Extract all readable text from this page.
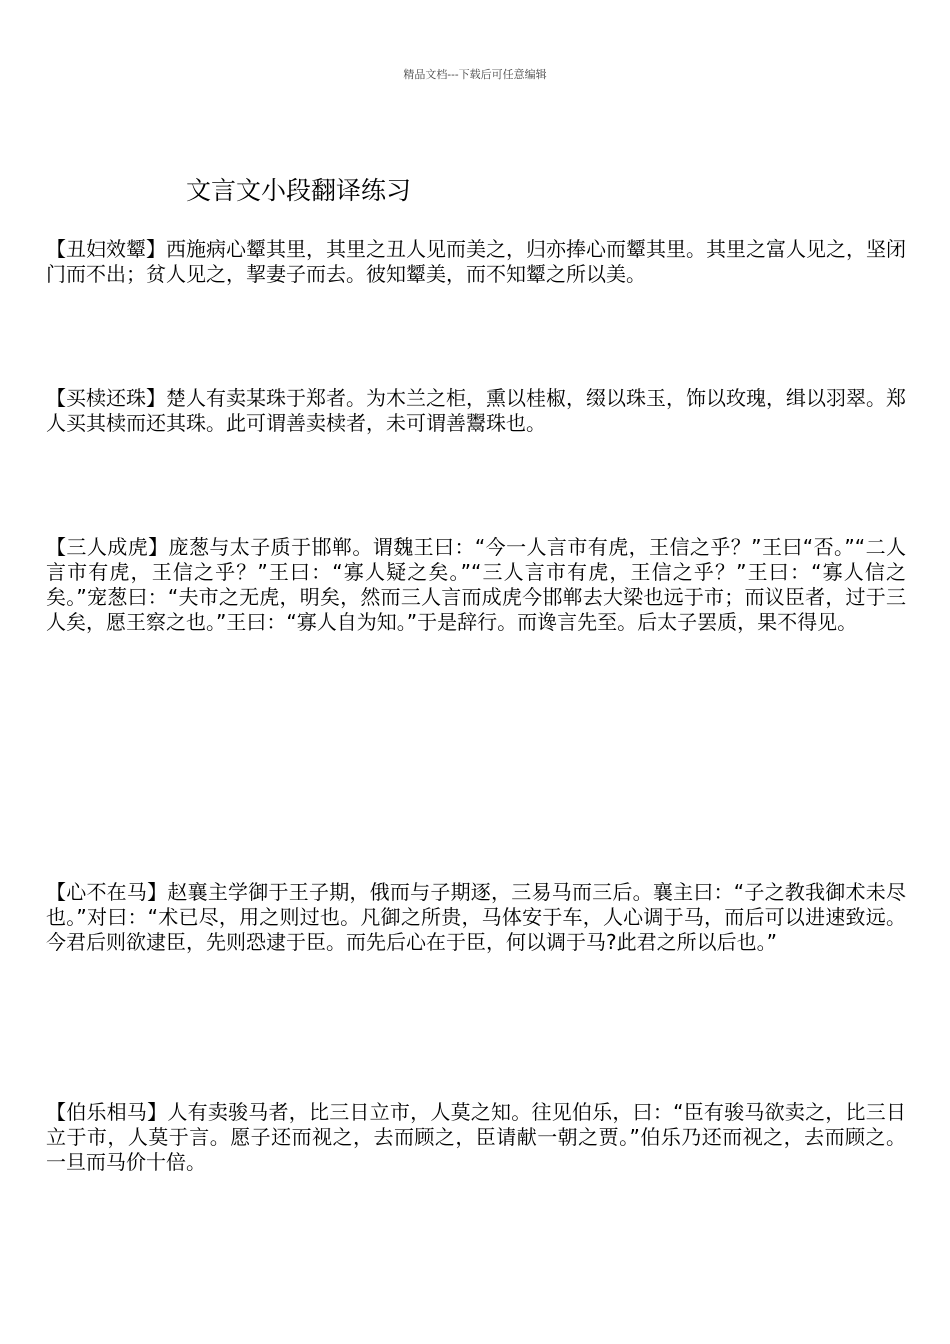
精品文档---下载后可任意编辑
文言文小段翻译练习

【丑妇效颦】西施病心颦其里，其里之丑人见而美之，归亦捧心而颦其里。其里之富人见之，坚闭门而不出；贫人见之，挈妻子而去。彼知颦美，而不知颦之所以美。

【买椟还珠】楚人有卖某珠于郑者。为木兰之柜，熏以桂椒，缀以珠玉，饰以玫瑰，缉以羽翠。郑人买其椟而还其珠。此可谓善卖椟者，未可谓善鬻珠也。

【三人成虎】庞葱与太子质于邯郸。谓魏王曰：“今一人言市有虎，王信之乎？”王曰“否。”“二人言市有虎，王信之乎？”王曰：“寡人疑之矣。”“三人言市有虎，王信之乎？”王曰：“寡人信之矣。”宠葱曰：“夫市之无虎，明矣，然而三人言而成虎今邯郸去大梁也远于市；而议臣者，过于三人矣，愿王察之也。”王曰：“寡人自为知。”于是辞行。而谗言先至。后太子罢质，果不得见。

【心不在马】赵襄主学御于王子期，俄而与子期逐，三易马而三后。襄主曰：“子之教我御术未尽也。”对曰：“术已尽，用之则过也。凡御之所贵，马体安于车，人心调于马，而后可以进速致远。今君后则欲逮臣，先则恐逮于臣。而先后心在于臣，何以调于马?此君之所以后也。”

【伯乐相马】人有卖骏马者，比三日立市，人莫之知。往见伯乐，曰：“臣有骏马欲卖之，比三日立于市，人莫于言。愿子还而视之，去而顾之，臣请献一朝之贾。”伯乐乃还而视之，去而顾之。一旦而马价十倍。
